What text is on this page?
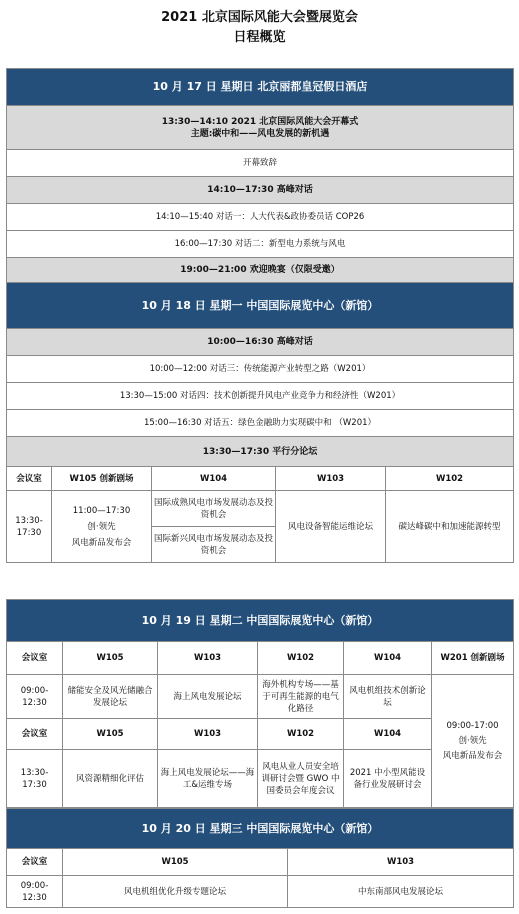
2021 北京国际风能大会暨展览会
日程概览
10 月 17 日 星期日 北京丽都皇冠假日酒店				

13:30—14:10 2021 北京国际风能大会开幕式
主题:碳中和——风电发展的新机遇				

开幕致辞				
14:10—17:30 高峰对话				
14:10—15:40 对话一：人大代表&政协委员话 COP26				
16:00—17:30 对话二：新型电力系统与风电				
19:00—21:00 欢迎晚宴（仅限受邀）				
10 月 18 日 星期一 中国国际展览中心（新馆）				
10:00—16:30 高峰对话				
10:00—12:00 对话三：传统能源产业转型之路（W201）				
13:30—15:00 对话四：技术创新提升风电产业竞争力和经济性（W201）				
15:00—16:30 对话五：绿色金融助力实现碳中和 （W201）				
13:30—17:30 平行分论坛				
会议室	W105 创新剧场	W104	W103	W102
13:30-
17:30	11:00—17:30
创·领先
风电新品发布会	国际成熟风电市场发展动态及投资机会	风电设备智能运维论坛	碳达峰碳中和加速能源转型
		国际新兴风电市场发展动态及投资机会		
10 月 19 日 星期二 中国国际展览中心（新馆）					
会议室	W105	W103	W102	W104	W201 创新剧场
09:00-
12:30	储能安全及风光储融合发展论坛	海上风电发展论坛	海外机构专场——基于可再生能源的电气化路径	风电机组技术创新论坛	09:00-17:00
创·领先
风电新品发布会
会议室	W105	W103	W102	W104	
13:30-
17:30	风资源精细化评估	海上风电发展论坛——海工&运维专场	风电从业人员安全培训研讨会暨 GWO 中国委员会年度会议	2021 中小型风能设备行业发展研讨会	
10 月 20 日 星期三 中国国际展览中心（新馆）		
会议室	W105	W103
09:00-
12:30	风电机组优化升级专题论坛	中东南部风电发展论坛
